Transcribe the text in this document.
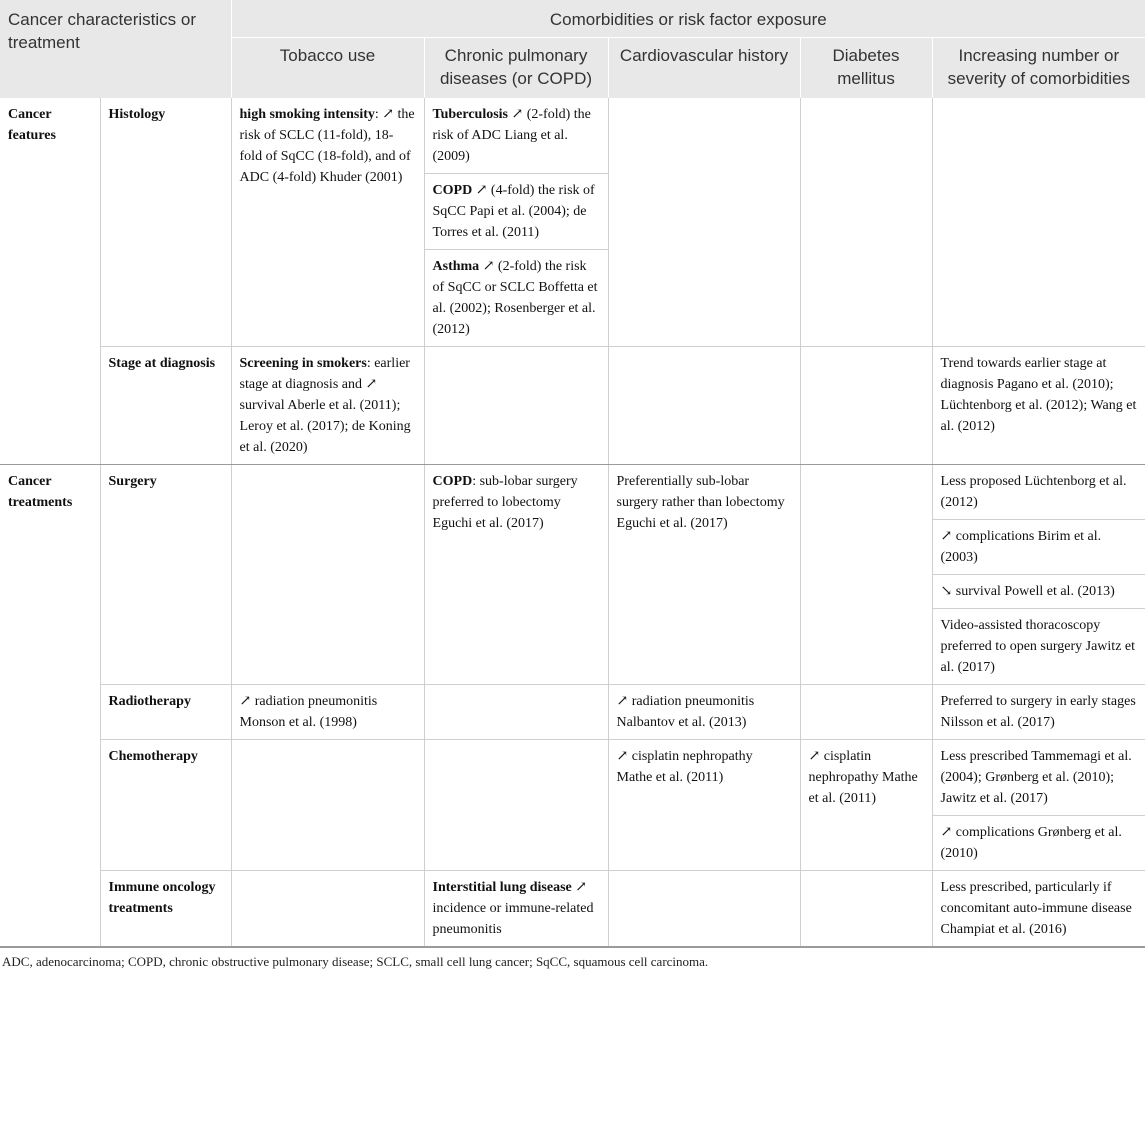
Cancer characteristics or treatment		Comorbidities or risk factor exposure				
		Tobacco use	Chronic pulmonary diseases (or COPD)	Cardiovascular history	Diabetes mellitus	Increasing number or severity of comorbidities
Cancer features	Histology	high smoking intensity: ↗ the risk of SCLC (11-fold), 18-fold of SqCC (18-fold), and of ADC (4-fold) Khuder (2001)	Tuberculosis ↗ (2-fold) the risk of ADC Liang et al. (2009)			
			COPD ↗ (4-fold) the risk of SqCC Papi et al. (2004); de Torres et al. (2011)			
			Asthma ↗ (2-fold) the risk of SqCC or SCLC Boffetta et al. (2002); Rosenberger et al. (2012)			
	Stage at diagnosis	Screening in smokers: earlier stage at diagnosis and ↗ survival Aberle et al. (2011); Leroy et al. (2017); de Koning et al. (2020)				Trend towards earlier stage at diagnosis Pagano et al. (2010); Lüchtenborg et al. (2012); Wang et al. (2012)
Cancer treatments	Surgery		COPD: sub-lobar surgery preferred to lobectomy Eguchi et al. (2017)	Preferentially sub-lobar surgery rather than lobectomy Eguchi et al. (2017)		Less proposed Lüchtenborg et al. (2012)
						↗ complications Birim et al. (2003)
						↘ survival Powell et al. (2013)
						Video-assisted thoracoscopy preferred to open surgery Jawitz et al. (2017)
	Radiotherapy	↗ radiation pneumonitis Monson et al. (1998)		↗ radiation pneumonitis Nalbantov et al. (2013)		Preferred to surgery in early stages Nilsson et al. (2017)
	Chemotherapy			↗ cisplatin nephropathy Mathe et al. (2011)	↗ cisplatin nephropathy Mathe et al. (2011)	Less prescribed Tammemagi et al. (2004); Grønberg et al. (2010); Jawitz et al. (2017)
						↗ complications Grønberg et al. (2010)
	Immune oncology treatments		Interstitial lung disease ↗ incidence or immune-related pneumonitis			Less prescribed, particularly if concomitant auto-immune disease Champiat et al. (2016)
ADC, adenocarcinoma; COPD, chronic obstructive pulmonary disease; SCLC, small cell lung cancer; SqCC, squamous cell carcinoma.
